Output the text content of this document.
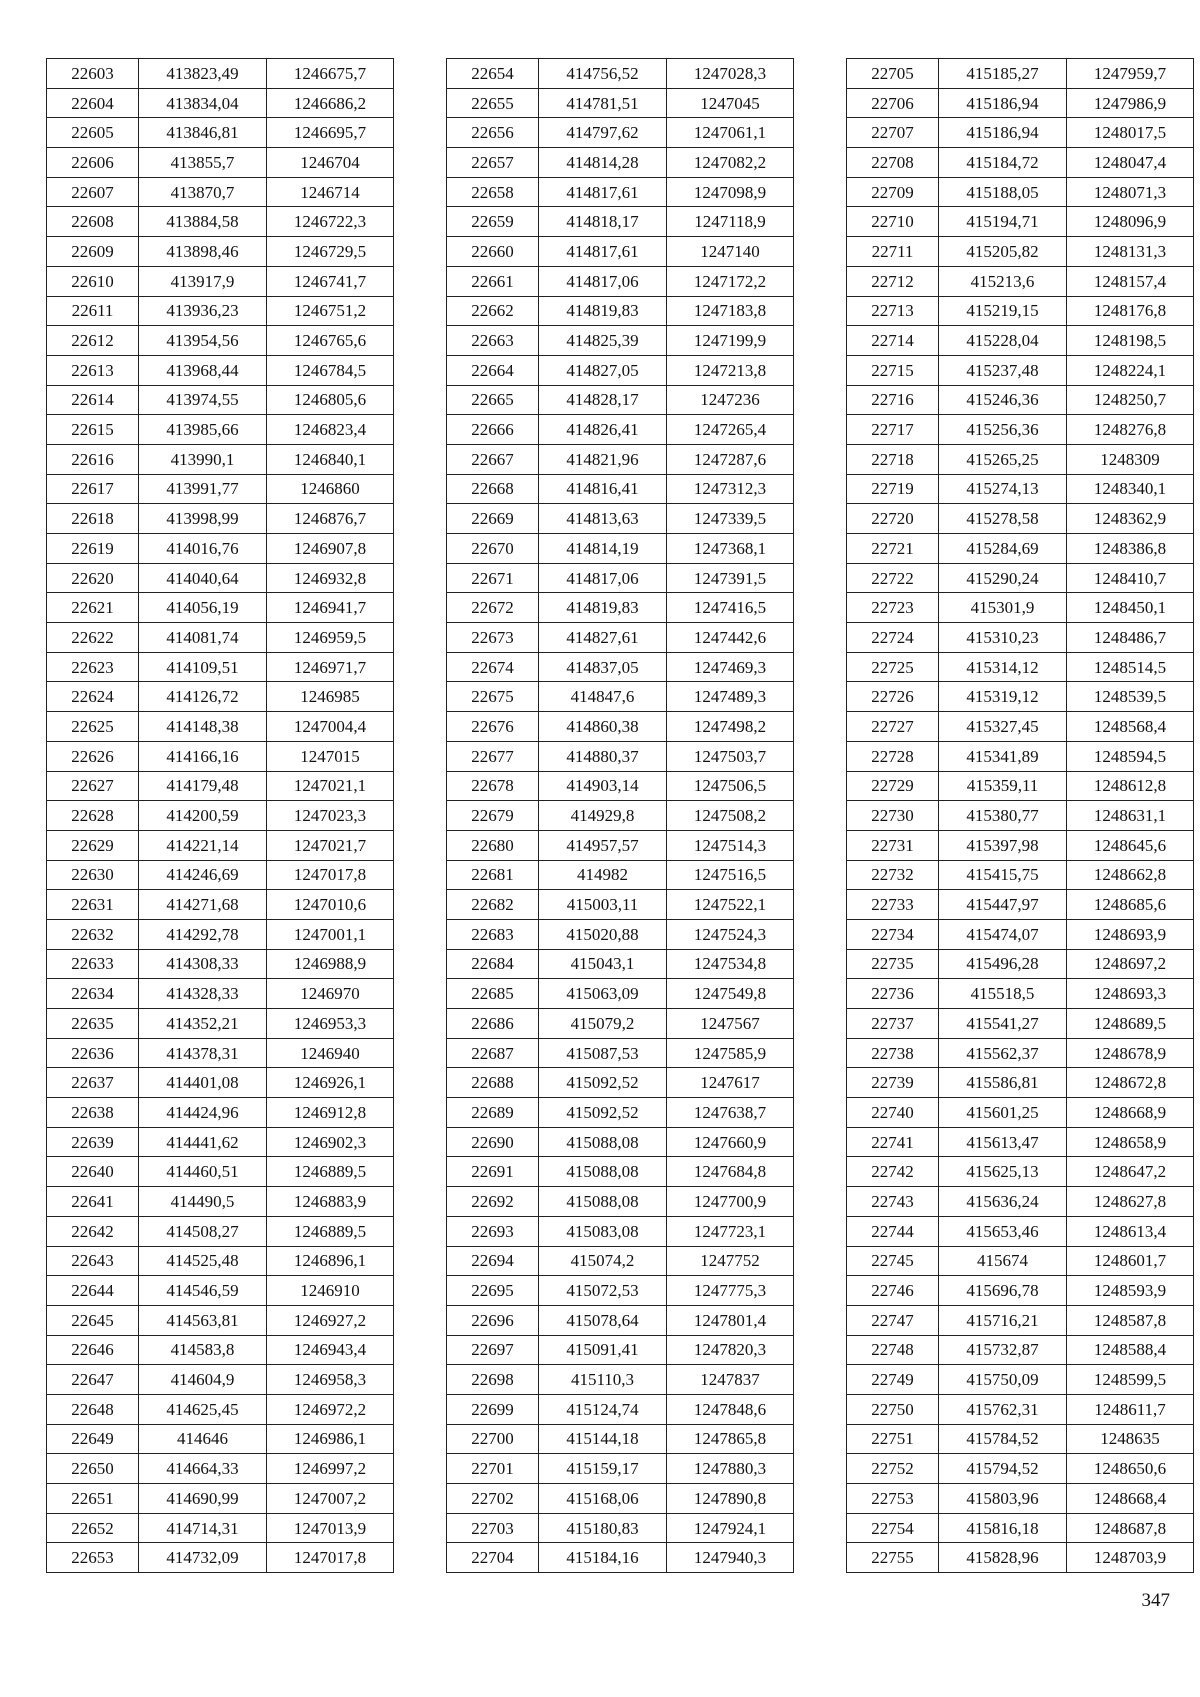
22603	413823,49	1246675,7
22604	413834,04	1246686,2
22605	413846,81	1246695,7
22606	413855,7	1246704
22607	413870,7	1246714
22608	413884,58	1246722,3
22609	413898,46	1246729,5
22610	413917,9	1246741,7
22611	413936,23	1246751,2
22612	413954,56	1246765,6
22613	413968,44	1246784,5
22614	413974,55	1246805,6
22615	413985,66	1246823,4
22616	413990,1	1246840,1
22617	413991,77	1246860
22618	413998,99	1246876,7
22619	414016,76	1246907,8
22620	414040,64	1246932,8
22621	414056,19	1246941,7
22622	414081,74	1246959,5
22623	414109,51	1246971,7
22624	414126,72	1246985
22625	414148,38	1247004,4
22626	414166,16	1247015
22627	414179,48	1247021,1
22628	414200,59	1247023,3
22629	414221,14	1247021,7
22630	414246,69	1247017,8
22631	414271,68	1247010,6
22632	414292,78	1247001,1
22633	414308,33	1246988,9
22634	414328,33	1246970
22635	414352,21	1246953,3
22636	414378,31	1246940
22637	414401,08	1246926,1
22638	414424,96	1246912,8
22639	414441,62	1246902,3
22640	414460,51	1246889,5
22641	414490,5	1246883,9
22642	414508,27	1246889,5
22643	414525,48	1246896,1
22644	414546,59	1246910
22645	414563,81	1246927,2
22646	414583,8	1246943,4
22647	414604,9	1246958,3
22648	414625,45	1246972,2
22649	414646	1246986,1
22650	414664,33	1246997,2
22651	414690,99	1247007,2
22652	414714,31	1247013,9
22653	414732,09	1247017,8
22654	414756,52	1247028,3
22655	414781,51	1247045
22656	414797,62	1247061,1
22657	414814,28	1247082,2
22658	414817,61	1247098,9
22659	414818,17	1247118,9
22660	414817,61	1247140
22661	414817,06	1247172,2
22662	414819,83	1247183,8
22663	414825,39	1247199,9
22664	414827,05	1247213,8
22665	414828,17	1247236
22666	414826,41	1247265,4
22667	414821,96	1247287,6
22668	414816,41	1247312,3
22669	414813,63	1247339,5
22670	414814,19	1247368,1
22671	414817,06	1247391,5
22672	414819,83	1247416,5
22673	414827,61	1247442,6
22674	414837,05	1247469,3
22675	414847,6	1247489,3
22676	414860,38	1247498,2
22677	414880,37	1247503,7
22678	414903,14	1247506,5
22679	414929,8	1247508,2
22680	414957,57	1247514,3
22681	414982	1247516,5
22682	415003,11	1247522,1
22683	415020,88	1247524,3
22684	415043,1	1247534,8
22685	415063,09	1247549,8
22686	415079,2	1247567
22687	415087,53	1247585,9
22688	415092,52	1247617
22689	415092,52	1247638,7
22690	415088,08	1247660,9
22691	415088,08	1247684,8
22692	415088,08	1247700,9
22693	415083,08	1247723,1
22694	415074,2	1247752
22695	415072,53	1247775,3
22696	415078,64	1247801,4
22697	415091,41	1247820,3
22698	415110,3	1247837
22699	415124,74	1247848,6
22700	415144,18	1247865,8
22701	415159,17	1247880,3
22702	415168,06	1247890,8
22703	415180,83	1247924,1
22704	415184,16	1247940,3
22705	415185,27	1247959,7
22706	415186,94	1247986,9
22707	415186,94	1248017,5
22708	415184,72	1248047,4
22709	415188,05	1248071,3
22710	415194,71	1248096,9
22711	415205,82	1248131,3
22712	415213,6	1248157,4
22713	415219,15	1248176,8
22714	415228,04	1248198,5
22715	415237,48	1248224,1
22716	415246,36	1248250,7
22717	415256,36	1248276,8
22718	415265,25	1248309
22719	415274,13	1248340,1
22720	415278,58	1248362,9
22721	415284,69	1248386,8
22722	415290,24	1248410,7
22723	415301,9	1248450,1
22724	415310,23	1248486,7
22725	415314,12	1248514,5
22726	415319,12	1248539,5
22727	415327,45	1248568,4
22728	415341,89	1248594,5
22729	415359,11	1248612,8
22730	415380,77	1248631,1
22731	415397,98	1248645,6
22732	415415,75	1248662,8
22733	415447,97	1248685,6
22734	415474,07	1248693,9
22735	415496,28	1248697,2
22736	415518,5	1248693,3
22737	415541,27	1248689,5
22738	415562,37	1248678,9
22739	415586,81	1248672,8
22740	415601,25	1248668,9
22741	415613,47	1248658,9
22742	415625,13	1248647,2
22743	415636,24	1248627,8
22744	415653,46	1248613,4
22745	415674	1248601,7
22746	415696,78	1248593,9
22747	415716,21	1248587,8
22748	415732,87	1248588,4
22749	415750,09	1248599,5
22750	415762,31	1248611,7
22751	415784,52	1248635
22752	415794,52	1248650,6
22753	415803,96	1248668,4
22754	415816,18	1248687,8
22755	415828,96	1248703,9
347
